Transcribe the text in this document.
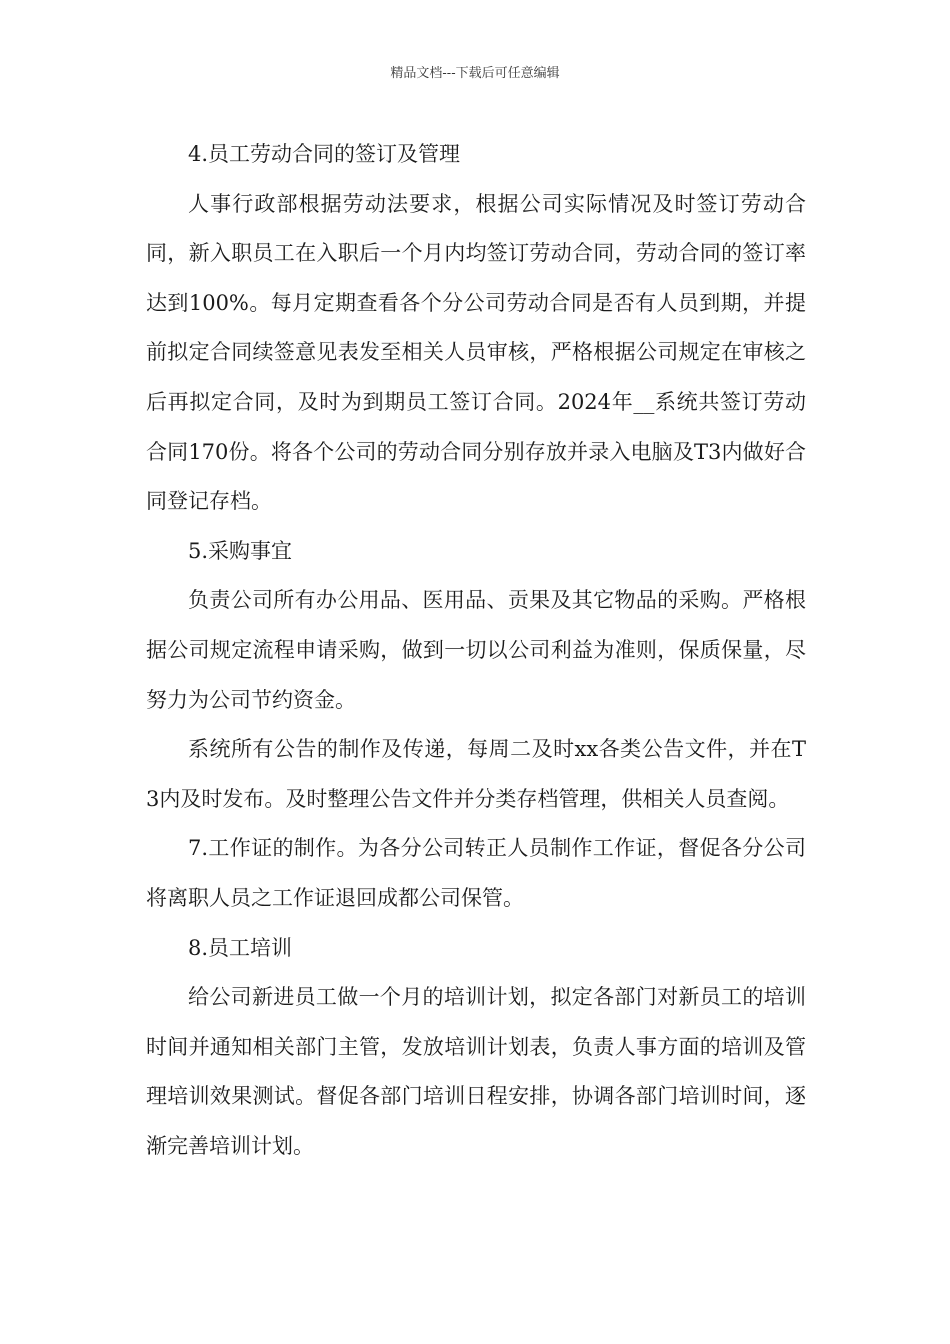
精品文档---下载后可任意编辑

4.员工劳动合同的签订及管理

人事行政部根据劳动法要求，根据公司实际情况及时签订劳动合同，新入职员工在入职后一个月内均签订劳动合同，劳动合同的签订率达到100%。每月定期查看各个分公司劳动合同是否有人员到期，并提前拟定合同续签意见表发至相关人员审核，严格根据公司规定在审核之后再拟定合同，及时为到期员工签订合同。2024年__系统共签订劳动合同170份。将各个公司的劳动合同分别存放并录入电脑及T3内做好合同登记存档。

5.采购事宜

负责公司所有办公用品、医用品、贡果及其它物品的采购。严格根据公司规定流程申请采购，做到一切以公司利益为准则，保质保量，尽努力为公司节约资金。

系统所有公告的制作及传递，每周二及时xx各类公告文件，并在T3内及时发布。及时整理公告文件并分类存档管理，供相关人员查阅。

7.工作证的制作。为各分公司转正人员制作工作证，督促各分公司将离职人员之工作证退回成都公司保管。

8.员工培训

给公司新进员工做一个月的培训计划，拟定各部门对新员工的培训时间并通知相关部门主管，发放培训计划表，负责人事方面的培训及管理培训效果测试。督促各部门培训日程安排，协调各部门培训时间，逐渐完善培训计划。
